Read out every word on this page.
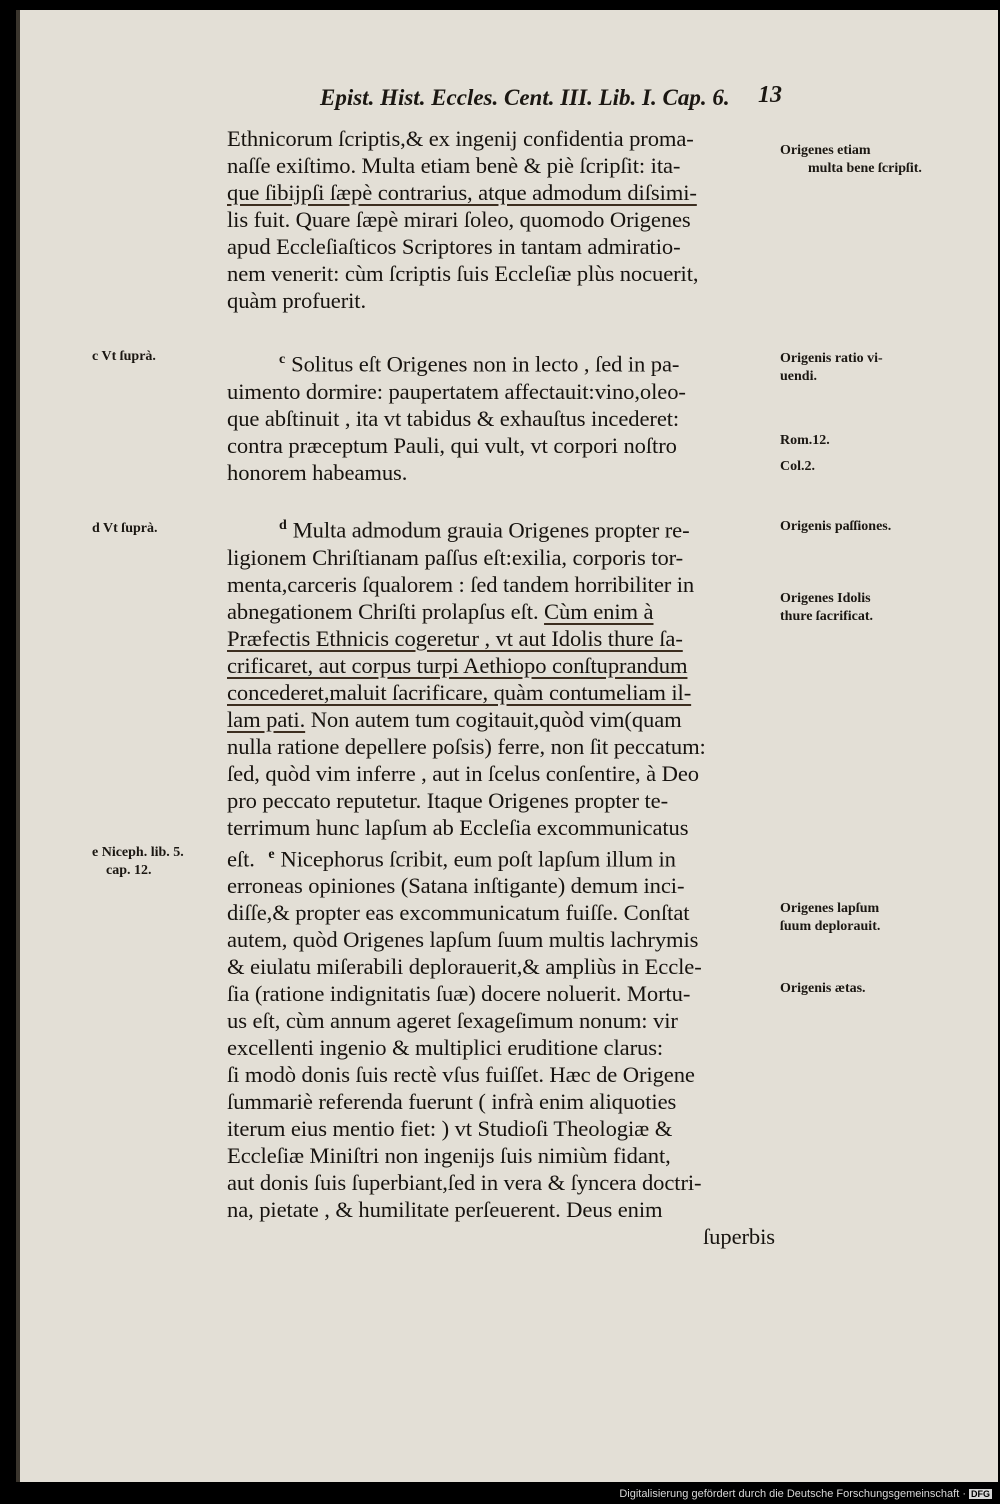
Epist. Hist. Eccles. Cent. III. Lib. I. Cap. 6.	13
Ethnicorum ſcriptis,& ex ingenij confidentia proma-
naſſe exiſtimo. Multa etiam benè & piè ſcripſit: ita-
que ſibijpſi ſæpè contrarius, atque admodum diſsimi-
lis fuit. Quare ſæpè mirari ſoleo, quomodo Origenes
apud Eccleſiaſticos Scriptores in tantam admiratio-
nem venerit: cùm ſcriptis ſuis Eccleſiæ plùs nocuerit,
quàm profuerit.
$^c$ Solitus eſt Origenes non in lecto , ſed in pa-
uimento dormire: paupertatem affectauit:vino,oleo-
que abſtinuit , ita vt tabidus & exhauſtus incederet:
contra præceptum Pauli, qui vult, vt corpori noſtro
honorem habeamus.
$^d$ Multa admodum grauia Origenes propter re-
ligionem Chriſtianam paſſus eſt:exilia, corporis tor-
menta,carceris ſqualorem : ſed tandem horribiliter in
abnegationem Chriſti prolapſus eſt. Cùm enim à
Præfectis Ethnicis cogeretur , vt aut Idolis thure ſa-
crificaret, aut corpus turpi Aethiopo conſtuprandum
concederet,maluit ſacrificare, quàm contumeliam il-
lam pati. Non autem tum cogitauit,quòd vim(quam
nulla ratione depellere poſsis) ferre, non ſit peccatum:
ſed, quòd vim inferre , aut in ſcelus conſentire, à Deo
pro peccato reputetur. Itaque Origenes propter te-
terrimum hunc lapſum ab Eccleſia excommunicatus
eſt. $^e$ Nicephorus ſcribit, eum poſt lapſum illum in
erroneas opiniones (Satana inſtigante) demum inci-
diſſe,& propter eas excommunicatum fuiſſe. Conſtat
autem, quòd Origenes lapſum ſuum multis lachrymis
& eiulatu miſerabili deplorauerit,& ampliùs in Eccle-
ſia (ratione indignitatis ſuæ) docere noluerit. Mortu-
us eſt, cùm annum ageret ſexageſimum nonum: vir
excellenti ingenio & multiplici eruditione clarus:
ſi modò donis ſuis rectè vſus fuiſſet. Hæc de Origene
ſummariè referenda fuerunt ( infrà enim aliquoties
iterum eius mentio fiet: ) vt Studioſi Theologiæ &
Eccleſiæ Miniſtri non ingenijs ſuis nimiùm fidant,
aut donis ſuis ſuperbiant,ſed in vera & ſyncera doctri-
na, pietate , & humilitate perſeuerent. Deus enim
ſuperbis
Origenes etiam
multa bene ſcripſit.
Origenis ratio vi-
uendi.
Rom.12.
Col.2.
Origenis paſſiones.
Origenes Idolis
thure ſacrificat.
Origenes lapſum
ſuum deplorauit.
Origenis ætas.
c Vt ſuprà.
d Vt ſuprà.
e Niceph. lib. 5.
cap. 12.
Digitalisierung gefördert durch die Deutsche Forschungsgemeinschaft · DFG
